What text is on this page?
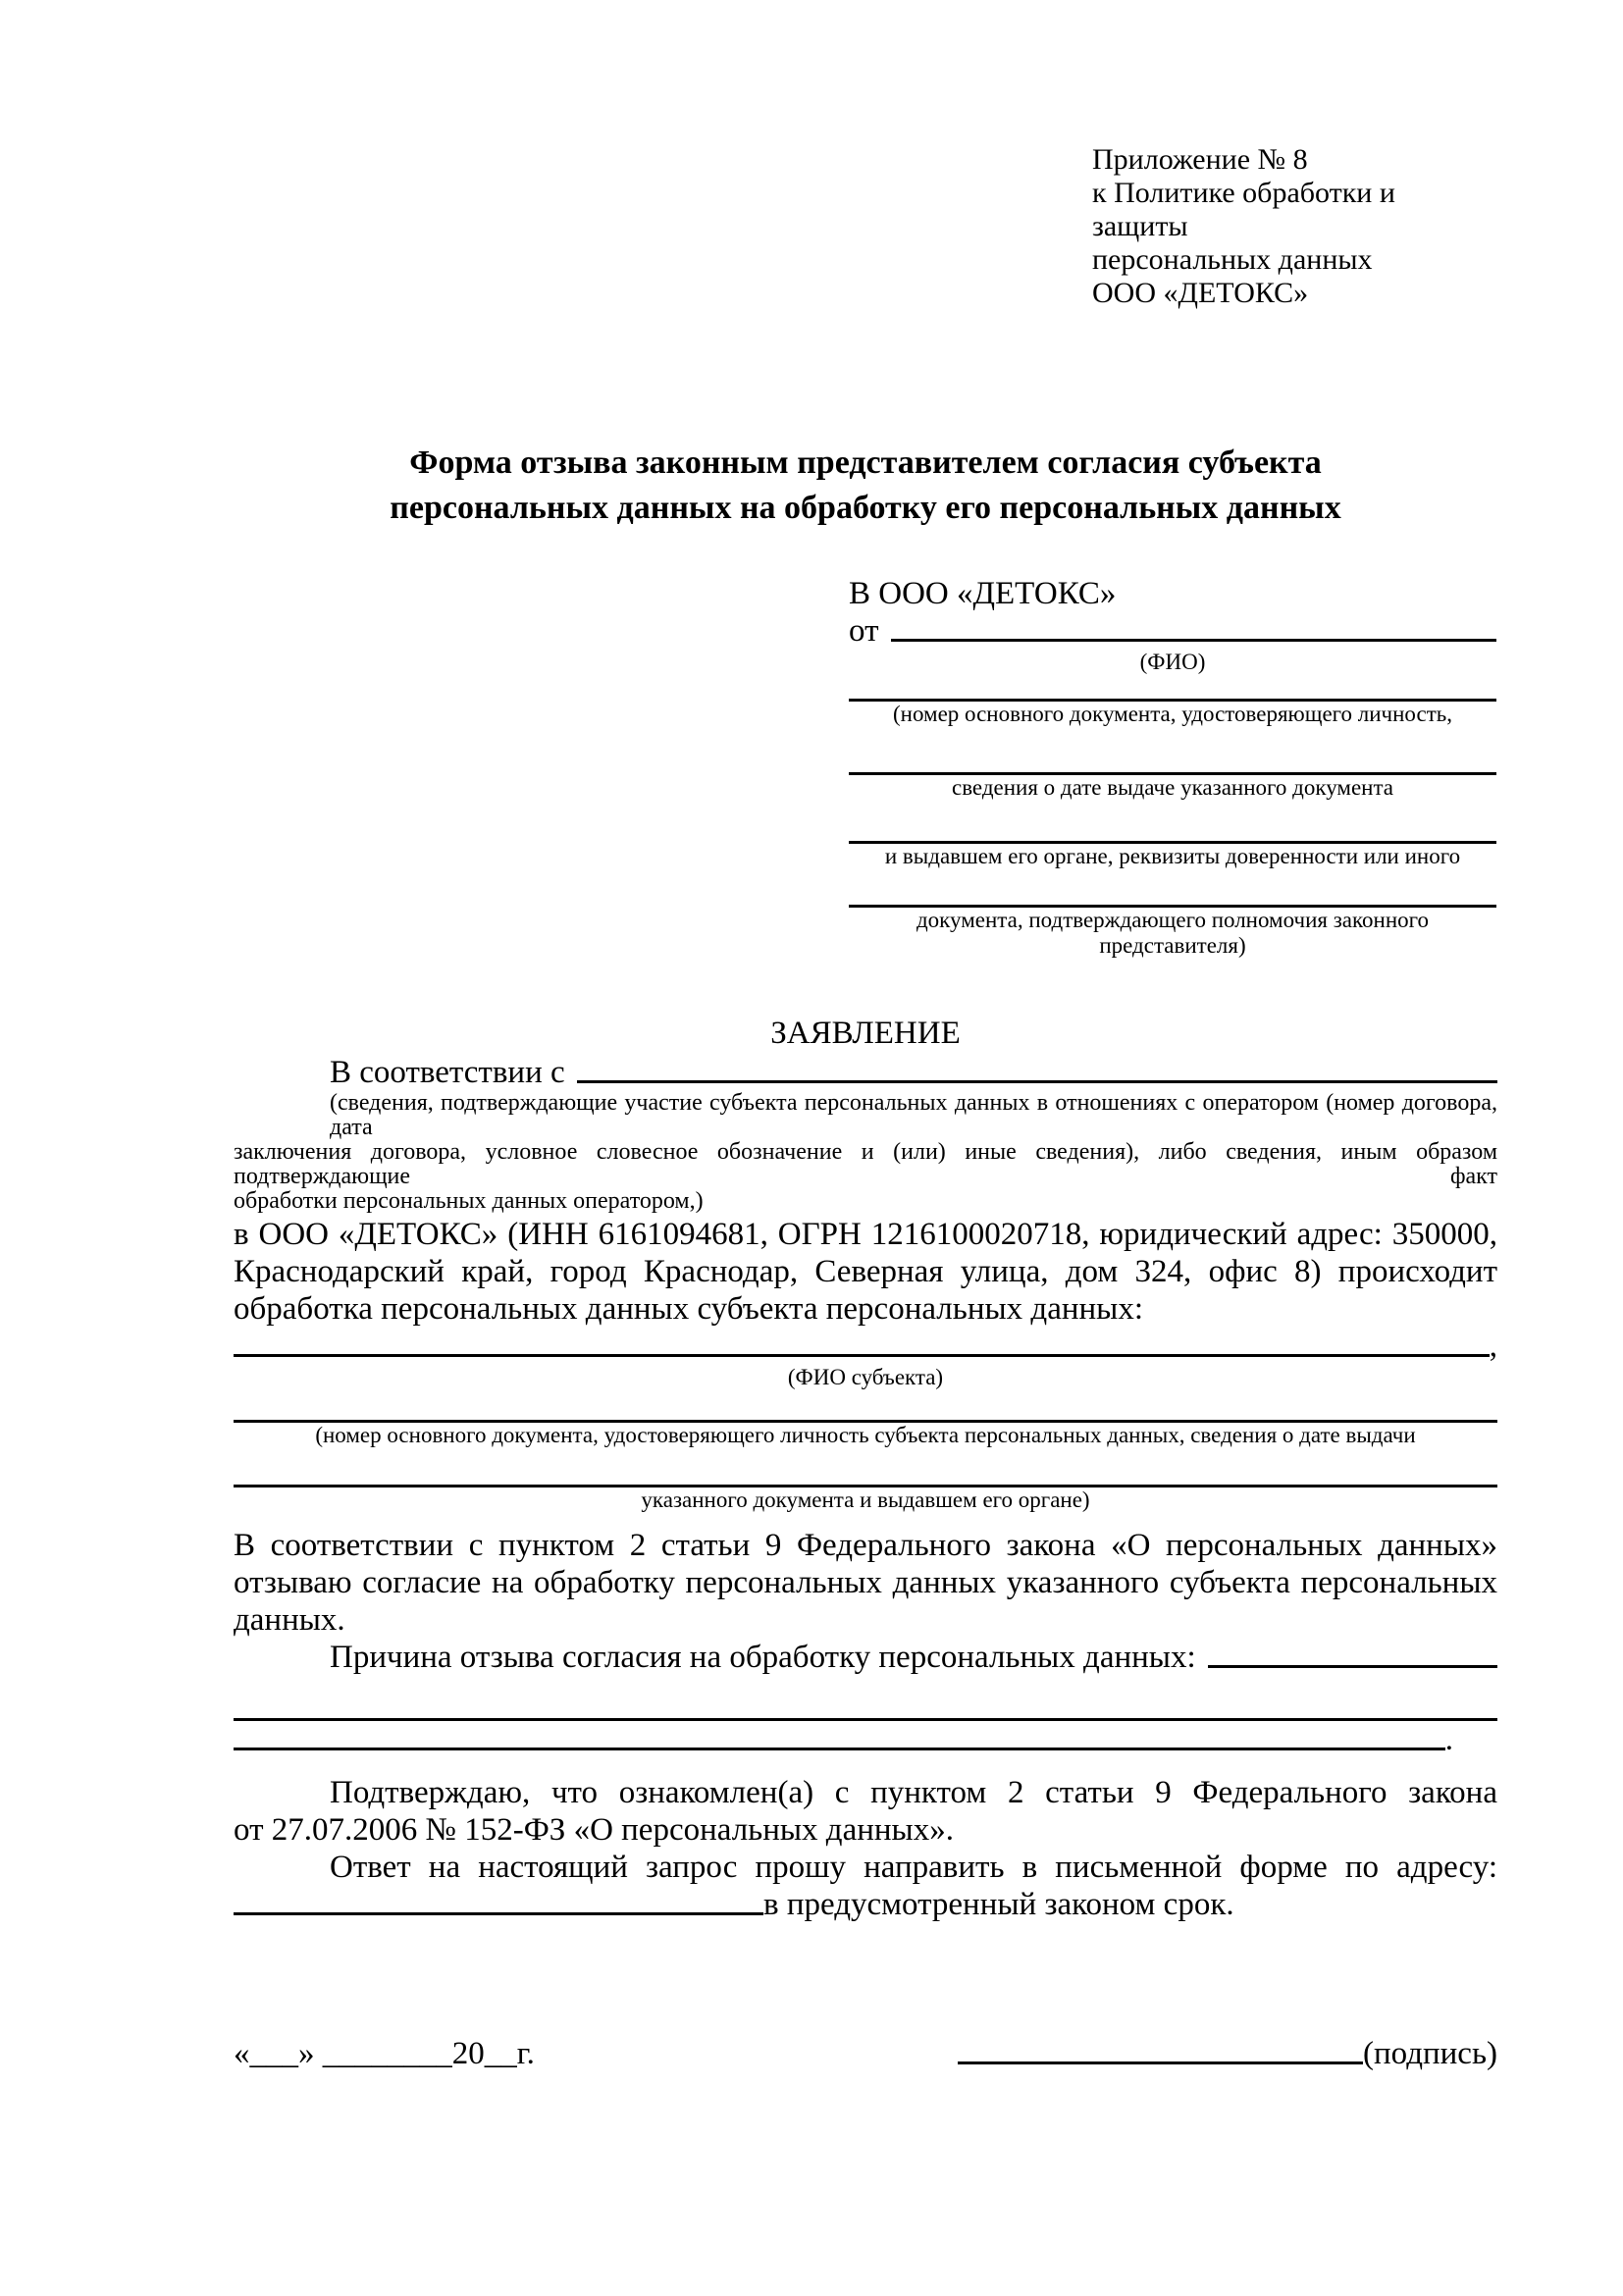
Приложение № 8
к Политике обработки и защиты
персональных данных
ООО «ДЕТОКС»
Форма отзыва законным представителем согласия субъекта
персональных данных на обработку его персональных данных
В ООО «ДЕТОКС»
от
(ФИО)
(номер основного документа, удостоверяющего личность,
сведения о дате выдаче указанного документа
и выдавшем его органе, реквизиты доверенности или иного
документа, подтверждающего полномочия законного представителя)
ЗАЯВЛЕНИЕ
В соответствии с
(сведения, подтверждающие участие субъекта персональных данных в отношениях с оператором (номер договора, дата
заключения договора, условное словесное обозначение и (или) иные сведения), либо сведения, иным образом подтверждающие факт
обработки персональных данных оператором,)
в ООО «ДЕТОКС» (ИНН 6161094681, ОГРН 1216100020718, юридический адрес: 350000,
Краснодарский край, город Краснодар, Северная улица, дом 324, офис 8) происходит
обработка персональных данных субъекта персональных данных:
,
(ФИО субъекта)
(номер основного документа, удостоверяющего личность субъекта персональных данных, сведения о дате выдачи
указанного документа и выдавшем его органе)
В соответствии с пунктом 2 статьи 9 Федерального закона «О персональных данных»
отзываю согласие на обработку персональных данных указанного субъекта персональных
данных.
Причина отзыва согласия на обработку персональных данных:
.
Подтверждаю, что ознакомлен(а) с пунктом 2 статьи 9 Федерального закона
от 27.07.2006 № 152-ФЗ «О персональных данных».
Ответ на настоящий запрос прошу направить в письменной форме по адресу:
в предусмотренный законом срок.
«___» ________20__г.	(подпись)
